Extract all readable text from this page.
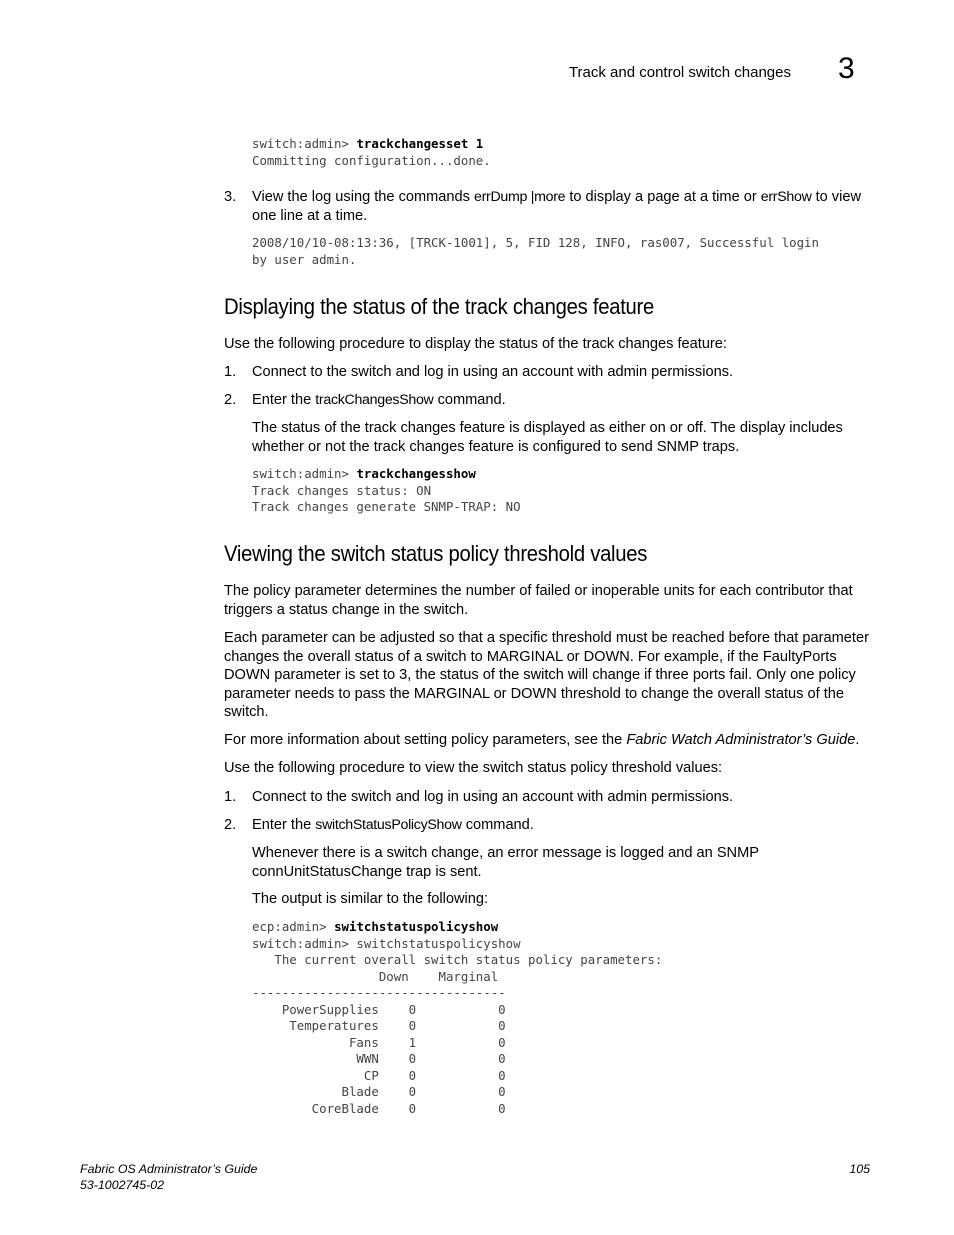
Track and control switch changes 3
switch:admin> trackchangesset 1
Committing configuration...done.
3. View the log using the commands errDump |more to display a page at a time or errShow to view one line at a time.

2008/10/10-08:13:36, [TRCK-1001], 5, FID 128, INFO, ras007, Successful login
by user admin.
Displaying the status of the track changes feature

Use the following procedure to display the status of the track changes feature:

1. Connect to the switch and log in using an account with admin permissions.

2. Enter the trackChangesShow command.

The status of the track changes feature is displayed as either on or off. The display includes whether or not the track changes feature is configured to send SNMP traps.

switch:admin> trackchangesshow
Track changes status: ON
Track changes generate SNMP-TRAP: NO
Viewing the switch status policy threshold values

The policy parameter determines the number of failed or inoperable units for each contributor that triggers a status change in the switch.

Each parameter can be adjusted so that a specific threshold must be reached before that parameter changes the overall status of a switch to MARGINAL or DOWN. For example, if the FaultyPorts DOWN parameter is set to 3, the status of the switch will change if three ports fail. Only one policy parameter needs to pass the MARGINAL or DOWN threshold to change the overall status of the switch.

For more information about setting policy parameters, see the Fabric Watch Administrator’s Guide.

Use the following procedure to view the switch status policy threshold values:

1. Connect to the switch and log in using an account with admin permissions.

2. Enter the switchStatusPolicyShow command.

Whenever there is a switch change, an error message is logged and an SNMP connUnitStatusChange trap is sent.

The output is similar to the following:

ecp:admin> switchstatuspolicyshow
switch:admin> switchstatuspolicyshow
The current overall switch status policy parameters:
Down    Marginal
----------------------------------
PowerSupplies    0           0
Temperatures    0           0
Fans    1           0
WWN    0           0
CP    0           0
Blade    0           0
CoreBlade    0           0
Fabric OS Administrator’s Guide
53-1002745-02
105
